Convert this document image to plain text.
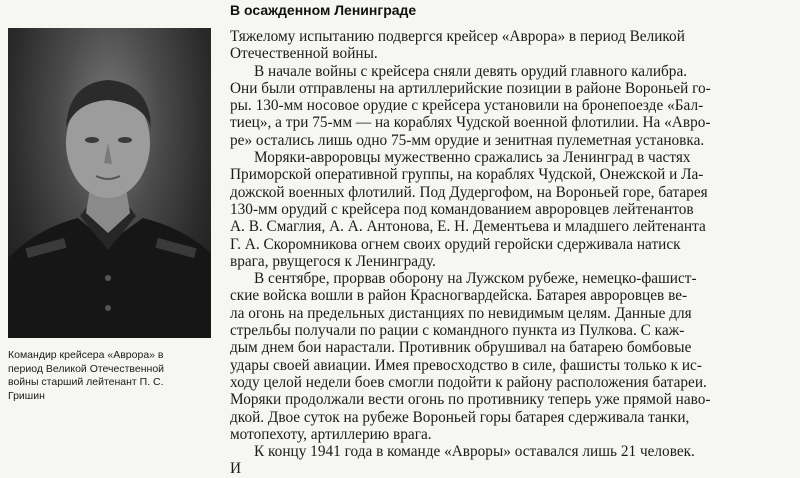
В осажденном Ленинграде
Командир крейсера «Аврора» в
период Великой Отечественной
войны старший лейтенант П. С.
Гришин
Тяжелому испытанию подвергся крейсер «Аврора» в период Великой
Отечественной войны.
В начале войны с крейсера сняли девять орудий главного калибра.
Они были отправлены на артиллерийские позиции в районе Вороньей го-
ры. 130-мм носовое орудие с крейсера установили на бронепоезде «Бал-
тиец», а три 75-мм — на кораблях Чудской военной флотилии. На «Авро-
ре» остались лишь одно 75-мм орудие и зенитная пулеметная установка.
Моряки-авроровцы мужественно сражались за Ленинград в частях
Приморской оперативной группы, на кораблях Чудской, Онежской и Ла-
дожской военных флотилий. Под Дудергофом, на Вороньей горе, батарея
130-мм орудий с крейсера под командованием авроровцев лейтенантов
А. В. Смаглия, А. А. Антонова, Е. Н. Дементьева и младшего лейтенанта
Г. А. Скоромникова огнем своих орудий геройски сдерживала натиск
врага, рвущегося к Ленинграду.
В сентябре, прорвав оборону на Лужском рубеже, немецко-фашист-
ские войска вошли в район Красногвардейска. Батарея авроровцев ве-
ла огонь на предельных дистанциях по невидимым целям. Данные для
стрельбы получали по рации с командного пункта из Пулкова. С каж-
дым днем бои нарастали. Противник обрушивал на батарею бомбовые
удары своей авиации. Имея превосходство в силе, фашисты только к ис-
ходу целой недели боев смогли подойти к району расположения батареи.
Моряки продолжали вести огонь по противнику теперь уже прямой наво-
дкой. Двое суток на рубеже Вороньей горы батарея сдерживала танки,
мотопехоту, артиллерию врага.
К концу 1941 года в команде «Авроры» оставался лишь 21 человек.
И
